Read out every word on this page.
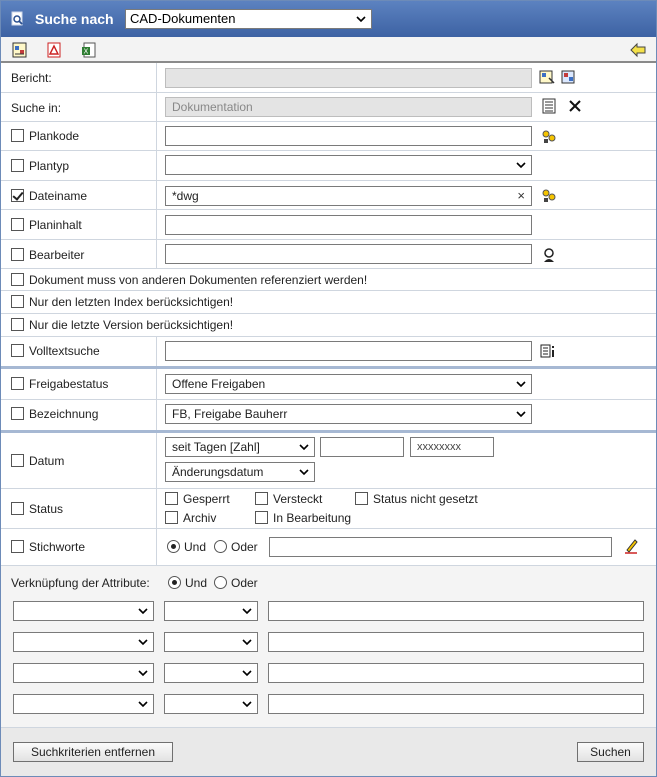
Suche nach	CAD-Dokumenten
X
Bericht:
Suche in:	Dokumentation
Plankode
Plantyp
Dateiname	*dwg	×
Planinhalt
Bearbeiter
Dokument muss von anderen Dokumenten referenziert werden!
Nur den letzten Index berücksichtigen!
Nur die letzte Version berücksichtigen!
Volltextsuche
Freigabestatus	Offene Freigaben
Bezeichnung	FB, Freigabe Bauherr
Datum
seit Tagen [Zahl]	xxxxxxxx
Änderungsdatum
Status
Gesperrt	Versteckt	Status nicht gesetzt
Archiv	In Bearbeitung
Stichworte	Und	Oder
Verknüpfung der Attribute:	Und	Oder
Suchkriterien entfernen	Suchen
